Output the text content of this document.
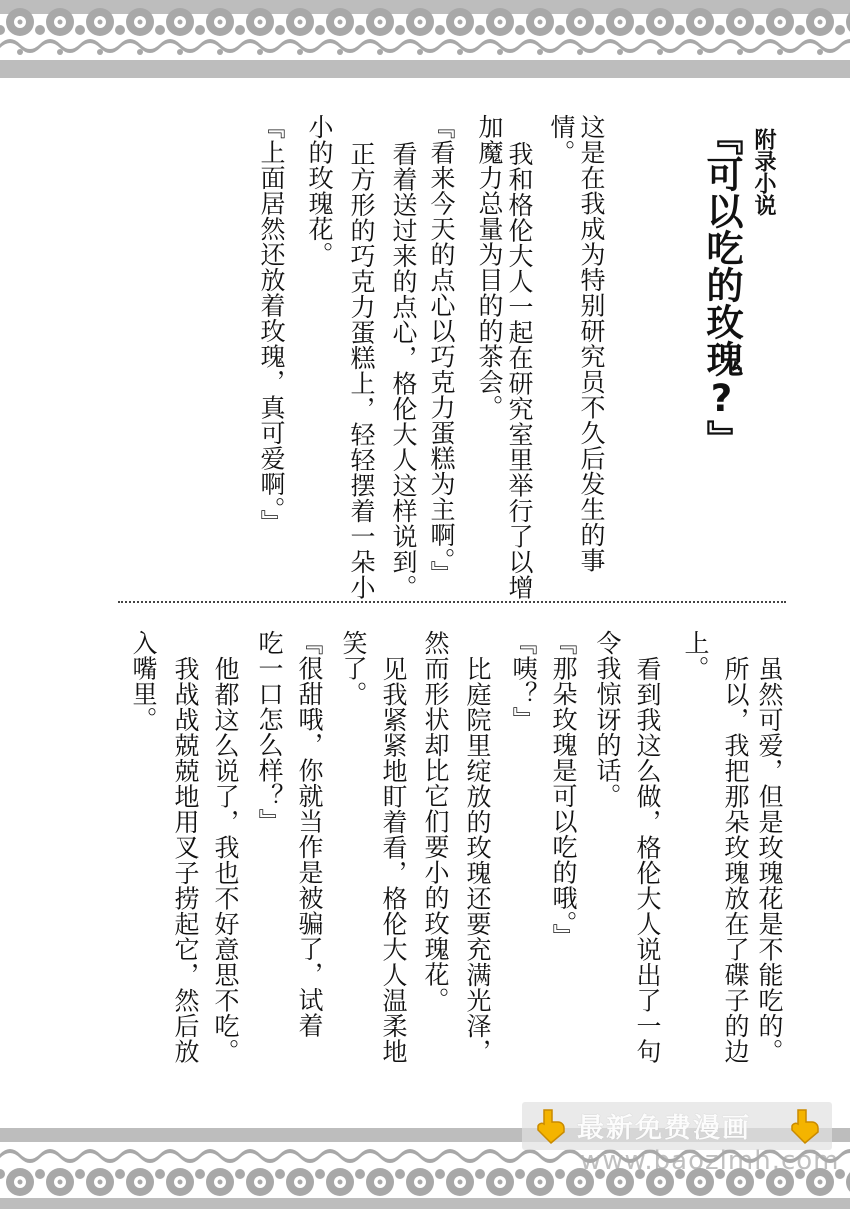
附录小说
『可以吃的玫瑰?』
这是在我成为特别研究员不久后发生的事
情。
我和格伦大人一起在研究室里举行了以增
加魔力总量为目的的茶会。
『看来今天的点心以巧克力蛋糕为主啊。』
看着送过来的点心，格伦大人这样说到。
正方形的巧克力蛋糕上，轻轻摆着一朵小
小的玫瑰花。
『上面居然还放着玫瑰，真可爱啊。』
虽然可爱，但是玫瑰花是不能吃的。
所以，我把那朵玫瑰放在了碟子的边
上。
看到我这么做，格伦大人说出了一句
令我惊讶的话。
『那朵玫瑰是可以吃的哦。』
『咦？』
比庭院里绽放的玫瑰还要充满光泽，
然而形状却比它们要小的玫瑰花。
见我紧紧地盯着看，格伦大人温柔地
笑了。
『很甜哦，你就当作是被骗了，试着
吃一口怎么样？』
他都这么说了，我也不好意思不吃。
我战战兢兢地用叉子捞起它，然后放
入嘴里。
最新免费漫画
www.baozimh.com
